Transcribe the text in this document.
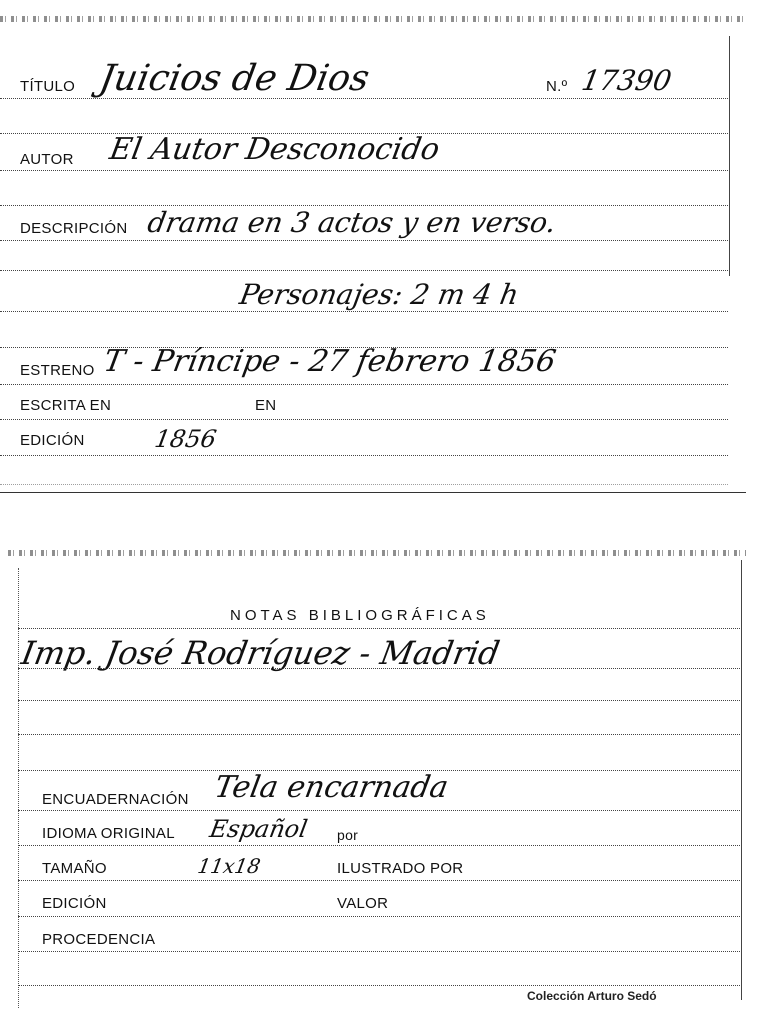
TÍTULO Juicios de Dios	N.º 17390
AUTOR El Autor Desconocido
DESCRIPCIÓN drama en 3 actos y en verso.
Personajes: 2 m 4 h
ESTRENO T - Príncipe - 27 febrero 1856
ESCRITA EN	EN
EDICIÓN	1856
NOTAS BIBLIOGRÁFICAS
Imp. José Rodríguez - Madrid
ENCUADERNACIÓN Tela encarnada
IDIOMA ORIGINAL Español por
TAMAÑO	11x18	ILUSTRADO POR
EDICIÓN	VALOR
PROCEDENCIA
Colección Arturo Sedó
